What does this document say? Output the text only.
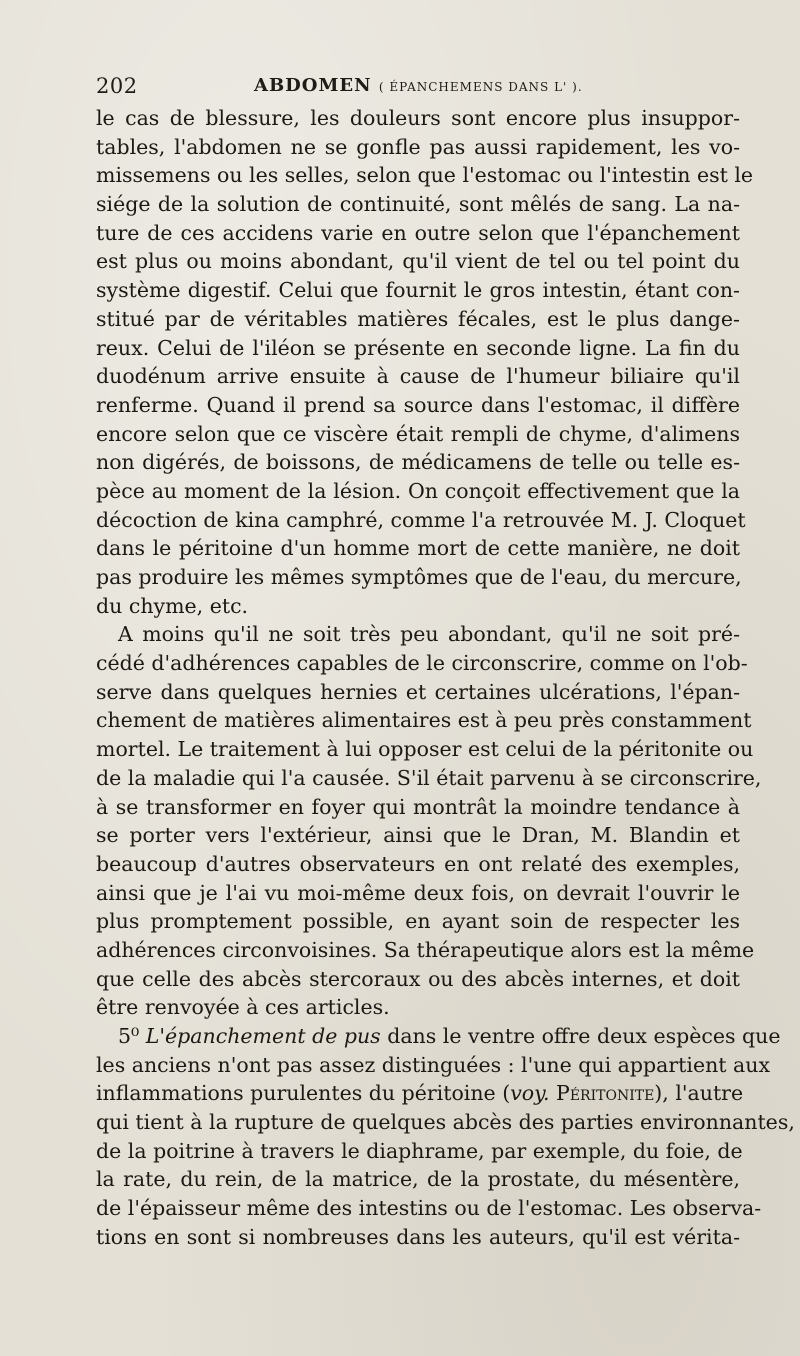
202	ABDOMEN ( ÉPANCHEMENS DANS L' ).
le cas de blessure, les douleurs sont encore plus insuppor-
tables, l'abdomen ne se gonfle pas aussi rapidement, les vo-
missemens ou les selles, selon que l'estomac ou l'intestin est le
siége de la solution de continuité, sont mêlés de sang. La na-
ture de ces accidens varie en outre selon que l'épanchement
est plus ou moins abondant, qu'il vient de tel ou tel point du
système digestif. Celui que fournit le gros intestin, étant con-
stitué par de véritables matières fécales, est le plus dange-
reux. Celui de l'iléon se présente en seconde ligne. La fin du
duodénum arrive ensuite à cause de l'humeur biliaire qu'il
renferme. Quand il prend sa source dans l'estomac, il diffère
encore selon que ce viscère était rempli de chyme, d'alimens
non digérés, de boissons, de médicamens de telle ou telle es-
pèce au moment de la lésion. On conçoit effectivement que la
décoction de kina camphré, comme l'a retrouvée M. J. Cloquet
dans le péritoine d'un homme mort de cette manière, ne doit
pas produire les mêmes symptômes que de l'eau, du mercure,
du chyme, etc.
A moins qu'il ne soit très peu abondant, qu'il ne soit pré-
cédé d'adhérences capables de le circonscrire, comme on l'ob-
serve dans quelques hernies et certaines ulcérations, l'épan-
chement de matières alimentaires est à peu près constamment
mortel. Le traitement à lui opposer est celui de la péritonite ou
de la maladie qui l'a causée. S'il était parvenu à se circonscrire,
à se transformer en foyer qui montrât la moindre tendance à
se porter vers l'extérieur, ainsi que le Dran, M. Blandin et
beaucoup d'autres observateurs en ont relaté des exemples,
ainsi que je l'ai vu moi-même deux fois, on devrait l'ouvrir le
plus promptement possible, en ayant soin de respecter les
adhérences circonvoisines. Sa thérapeutique alors est la même
que celle des abcès stercoraux ou des abcès internes, et doit
être renvoyée à ces articles.
5⁰ L'épanchement de pus dans le ventre offre deux espèces que
les anciens n'ont pas assez distinguées : l'une qui appartient aux
inflammations purulentes du péritoine (voy. Péritonite), l'autre
qui tient à la rupture de quelques abcès des parties environnantes,
de la poitrine à travers le diaphrame, par exemple, du foie, de
la rate, du rein, de la matrice, de la prostate, du mésentère,
de l'épaisseur même des intestins ou de l'estomac. Les observa-
tions en sont si nombreuses dans les auteurs, qu'il est vérita-
